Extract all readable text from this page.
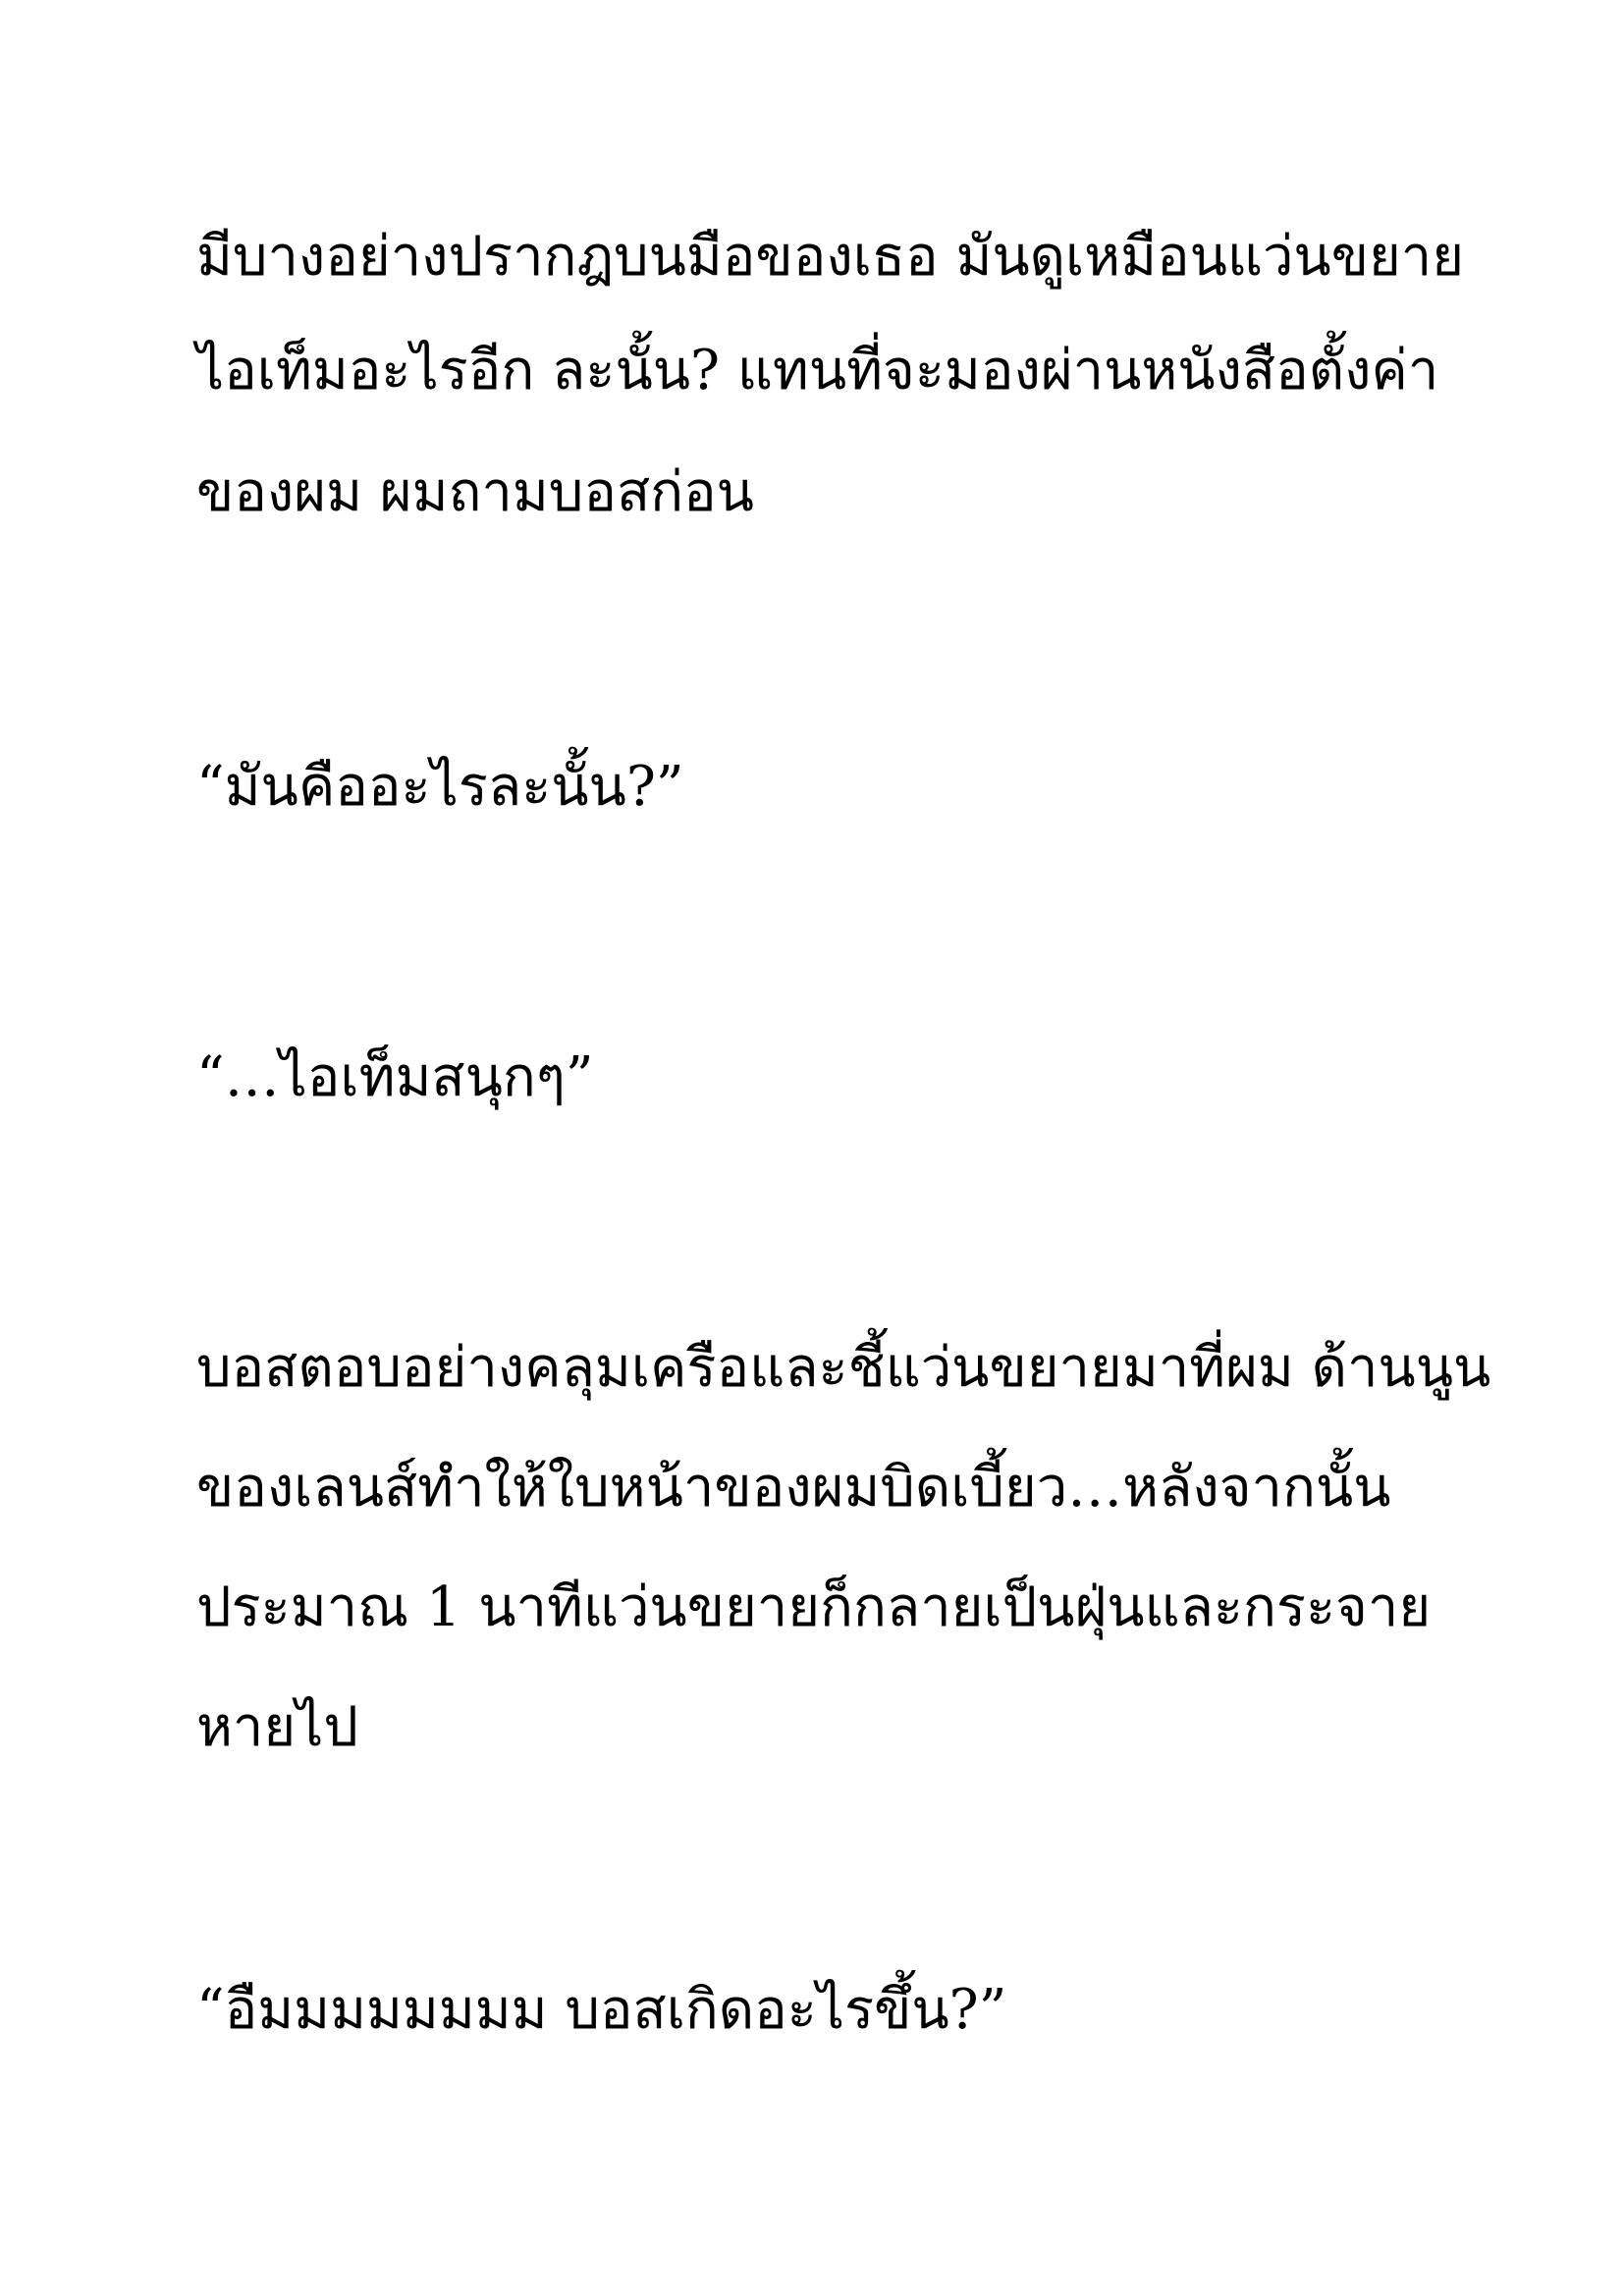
มีบางอย่างปรากฎบนมือของเธอ มันดูเหมือนแว่นขยาย

ไอเท็มอะไรอีก ละนั้น? แทนที่จะมองผ่านหนังสือตั้งค่า

ของผม ผมถามบอสก่อน

“มันคืออะไรละนั้น?”

“…ไอเท็มสนุกๆ”

บอสตอบอย่างคลุมเครือและชี้แว่นขยายมาที่ผม ด้านนูน

ของเลนส์ทำให้ใบหน้าของผมบิดเบี้ยว…หลังจากนั้น

ประมาณ 1 นาทีแว่นขยายก็กลายเป็นฝุ่นและกระจาย

หายไป

“อืมมมมมมมม บอสเกิดอะไรขึ้น?”
